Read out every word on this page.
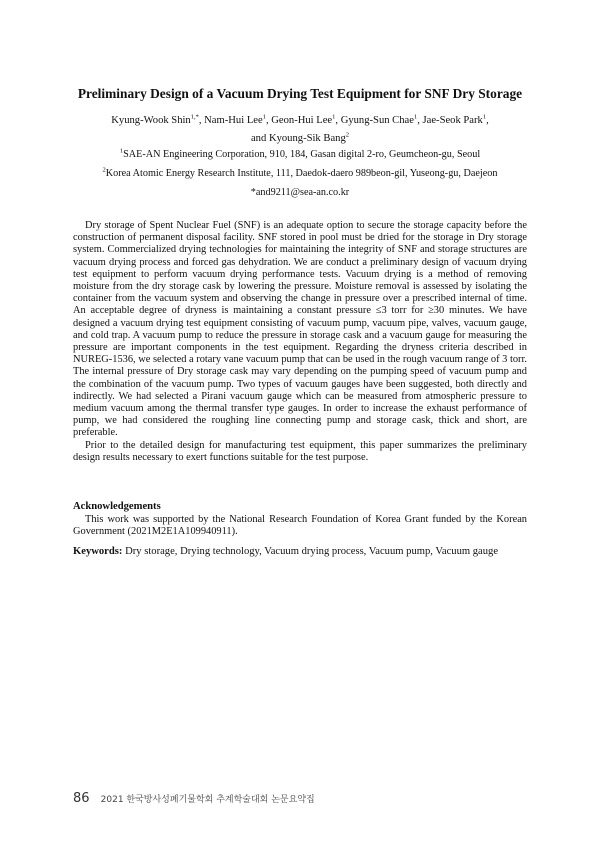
Preliminary Design of a Vacuum Drying Test Equipment for SNF Dry Storage
Kyung-Wook Shin$^{1,*}$, Nam-Hui Lee$^1$, Geon-Hui Lee$^1$, Gyung-Sun Chae$^1$, Jae-Seok Park$^1$,
and Kyoung-Sik Bang$^2$
$^1$SAE-AN Engineering Corporation, 910, 184, Gasan digital 2-ro, Geumcheon-gu, Seoul
$^2$Korea Atomic Energy Research Institute, 111, Daedok-daero 989beon-gil, Yuseong-gu, Daejeon
*and9211@sea-an.co.kr

Dry storage of Spent Nuclear Fuel (SNF) is an adequate option to secure the storage capacity before the construction of permanent disposal facility. SNF stored in pool must be dried for the storage in Dry storage system. Commercialized drying technologies for maintaining the integrity of SNF and storage structures are vacuum drying process and forced gas dehydration. We are conduct a preliminary design of vacuum drying test equipment to perform vacuum drying performance tests. Vacuum drying is a method of removing moisture from the dry storage cask by lowering the pressure. Moisture removal is assessed by isolating the container from the vacuum system and observing the change in pressure over a prescribed internal of time. An acceptable degree of dryness is maintaining a constant pressure ≤3 torr for ≥30 minutes. We have designed a vacuum drying test equipment consisting of vacuum pump, vacuum pipe, valves, vacuum gauge, and cold trap. A vacuum pump to reduce the pressure in storage cask and a vacuum gauge for measuring the pressure are important components in the test equipment. Regarding the dryness criteria described in NUREG-1536, we selected a rotary vane vacuum pump that can be used in the rough vacuum range of 3 torr. The internal pressure of Dry storage cask may vary depending on the pumping speed of vacuum pump and the combination of the vacuum pump. Two types of vacuum gauges have been suggested, both directly and indirectly. We had selected a Pirani vacuum gauge which can be measured from atmospheric pressure to medium vacuum among the thermal transfer type gauges. In order to increase the exhaust performance of pump, we had considered the roughing line connecting pump and storage cask, thick and short, are preferable.

Prior to the detailed design for manufacturing test equipment, this paper summarizes the preliminary design results necessary to exert functions suitable for the test purpose.

Acknowledgements

This work was supported by the National Research Foundation of Korea Grant funded by the Korean Government (2021M2E1A109940911).

Keywords: Dry storage, Drying technology, Vacuum drying process, Vacuum pump, Vacuum gauge

86 2021 한국방사성폐기물학회 추계학술대회 논문요약집
